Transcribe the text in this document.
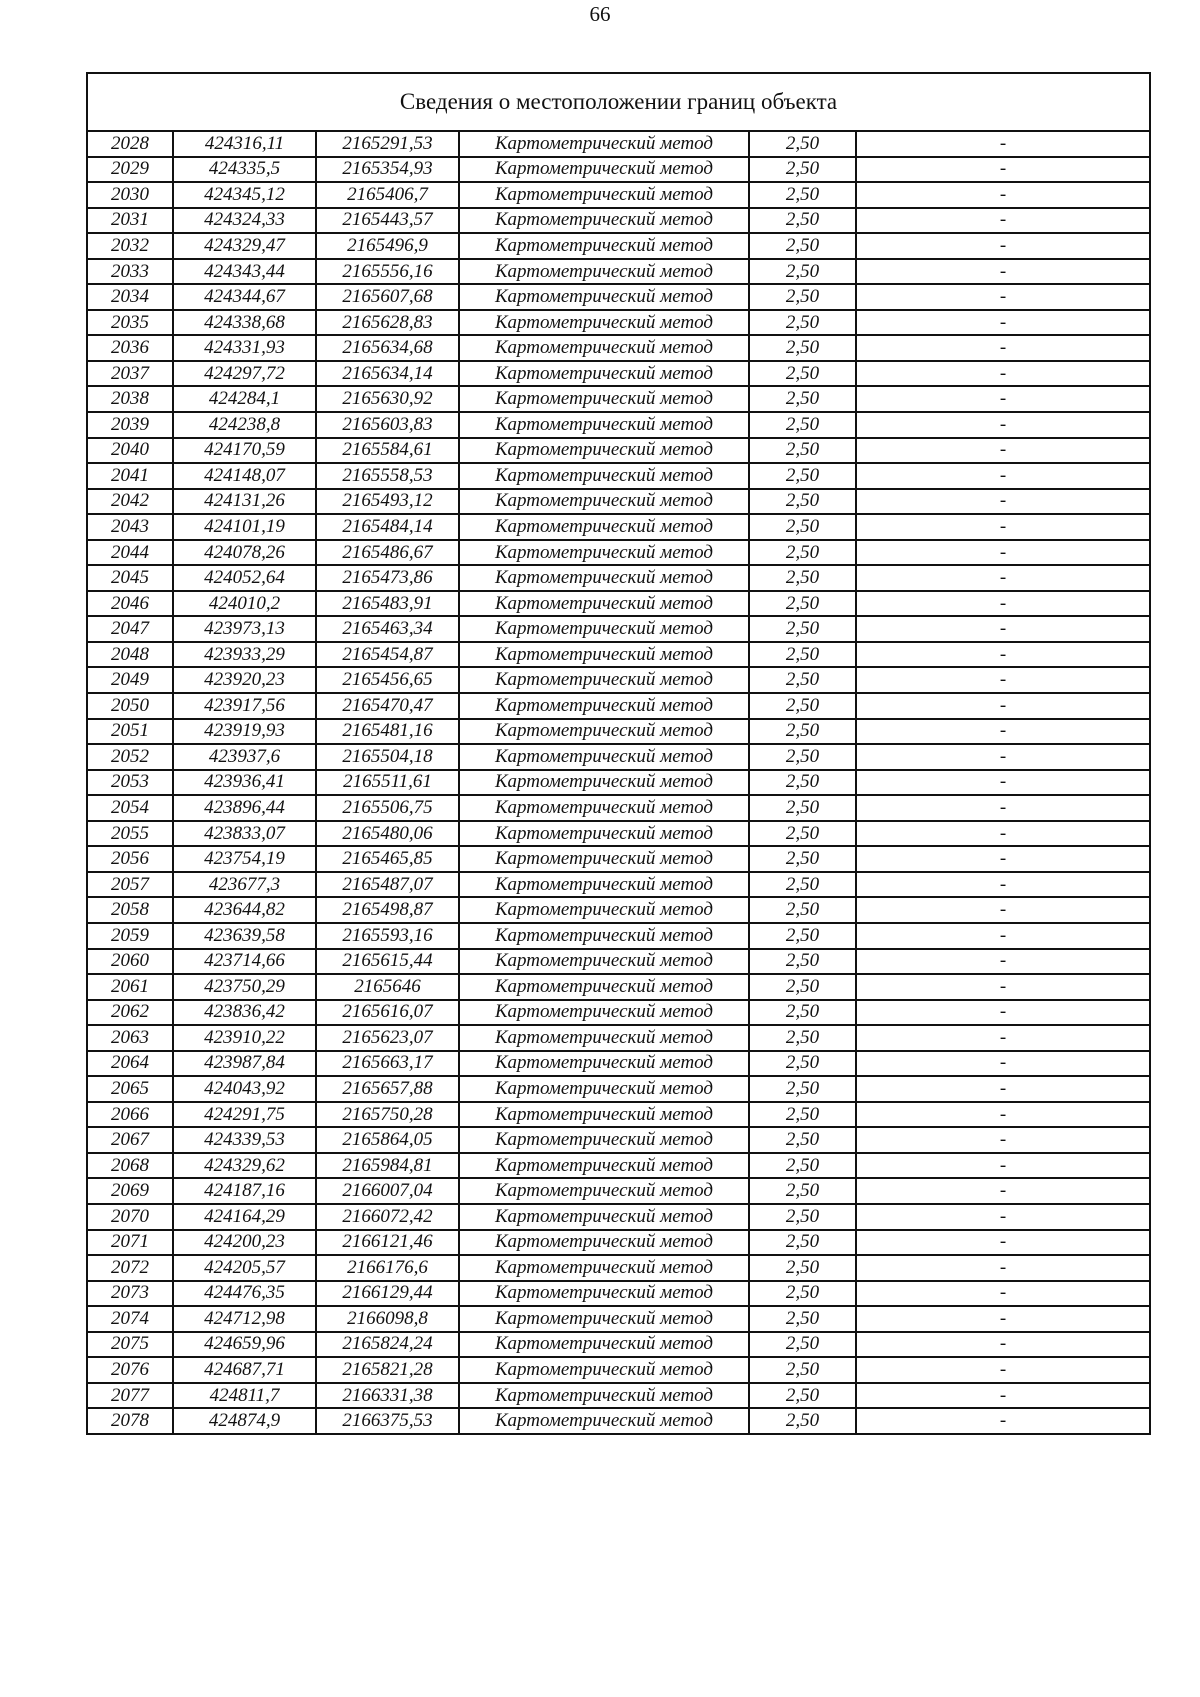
66
Сведения о местоположении границ объекта					
2028	424316,11	2165291,53	Картометрический метод	2,50	-
2029	424335,5	2165354,93	Картометрический метод	2,50	-
2030	424345,12	2165406,7	Картометрический метод	2,50	-
2031	424324,33	2165443,57	Картометрический метод	2,50	-
2032	424329,47	2165496,9	Картометрический метод	2,50	-
2033	424343,44	2165556,16	Картометрический метод	2,50	-
2034	424344,67	2165607,68	Картометрический метод	2,50	-
2035	424338,68	2165628,83	Картометрический метод	2,50	-
2036	424331,93	2165634,68	Картометрический метод	2,50	-
2037	424297,72	2165634,14	Картометрический метод	2,50	-
2038	424284,1	2165630,92	Картометрический метод	2,50	-
2039	424238,8	2165603,83	Картометрический метод	2,50	-
2040	424170,59	2165584,61	Картометрический метод	2,50	-
2041	424148,07	2165558,53	Картометрический метод	2,50	-
2042	424131,26	2165493,12	Картометрический метод	2,50	-
2043	424101,19	2165484,14	Картометрический метод	2,50	-
2044	424078,26	2165486,67	Картометрический метод	2,50	-
2045	424052,64	2165473,86	Картометрический метод	2,50	-
2046	424010,2	2165483,91	Картометрический метод	2,50	-
2047	423973,13	2165463,34	Картометрический метод	2,50	-
2048	423933,29	2165454,87	Картометрический метод	2,50	-
2049	423920,23	2165456,65	Картометрический метод	2,50	-
2050	423917,56	2165470,47	Картометрический метод	2,50	-
2051	423919,93	2165481,16	Картометрический метод	2,50	-
2052	423937,6	2165504,18	Картометрический метод	2,50	-
2053	423936,41	2165511,61	Картометрический метод	2,50	-
2054	423896,44	2165506,75	Картометрический метод	2,50	-
2055	423833,07	2165480,06	Картометрический метод	2,50	-
2056	423754,19	2165465,85	Картометрический метод	2,50	-
2057	423677,3	2165487,07	Картометрический метод	2,50	-
2058	423644,82	2165498,87	Картометрический метод	2,50	-
2059	423639,58	2165593,16	Картометрический метод	2,50	-
2060	423714,66	2165615,44	Картометрический метод	2,50	-
2061	423750,29	2165646	Картометрический метод	2,50	-
2062	423836,42	2165616,07	Картометрический метод	2,50	-
2063	423910,22	2165623,07	Картометрический метод	2,50	-
2064	423987,84	2165663,17	Картометрический метод	2,50	-
2065	424043,92	2165657,88	Картометрический метод	2,50	-
2066	424291,75	2165750,28	Картометрический метод	2,50	-
2067	424339,53	2165864,05	Картометрический метод	2,50	-
2068	424329,62	2165984,81	Картометрический метод	2,50	-
2069	424187,16	2166007,04	Картометрический метод	2,50	-
2070	424164,29	2166072,42	Картометрический метод	2,50	-
2071	424200,23	2166121,46	Картометрический метод	2,50	-
2072	424205,57	2166176,6	Картометрический метод	2,50	-
2073	424476,35	2166129,44	Картометрический метод	2,50	-
2074	424712,98	2166098,8	Картометрический метод	2,50	-
2075	424659,96	2165824,24	Картометрический метод	2,50	-
2076	424687,71	2165821,28	Картометрический метод	2,50	-
2077	424811,7	2166331,38	Картометрический метод	2,50	-
2078	424874,9	2166375,53	Картометрический метод	2,50	-
